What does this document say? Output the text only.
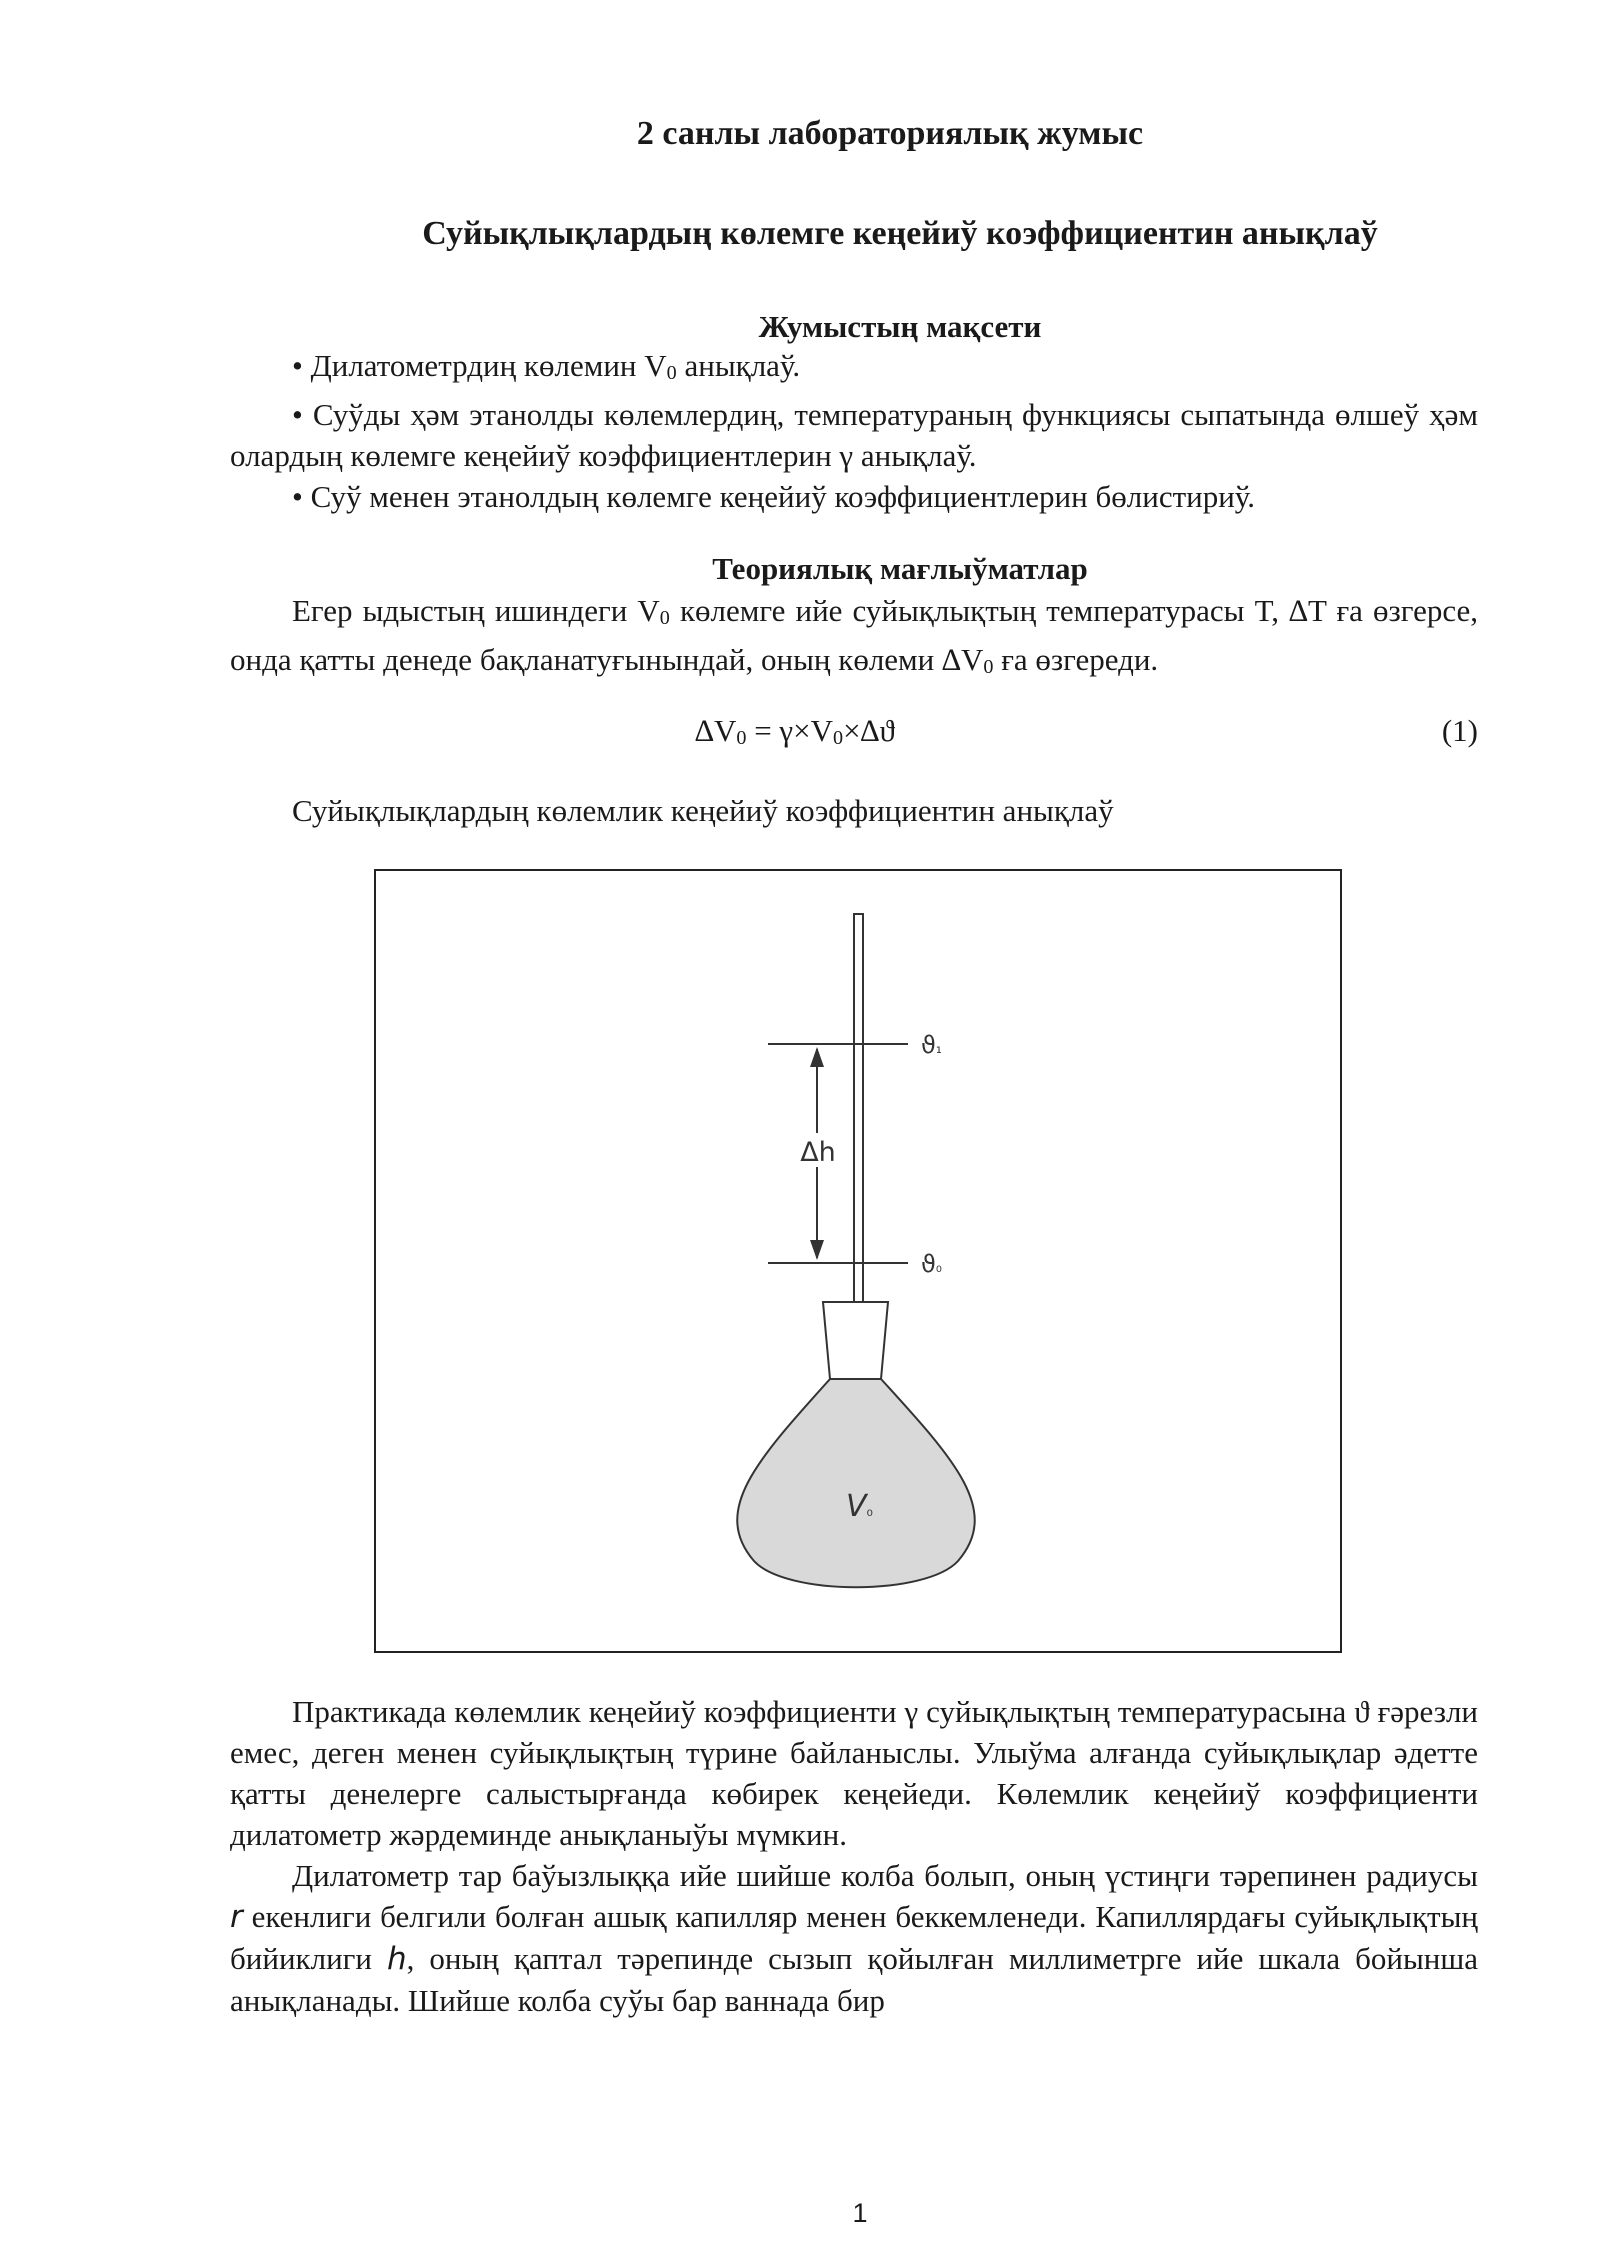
2 санлы лабораториялық жумыс

Суйықлықлардың көлемге кеңейиў коэффициентин анықлаў

Жумыстың мақсети

• Дилатометрдиң көлемин $V_0$ анықлаў.
• Суўды ҳәм этанолды көлемлердиң, температураның функциясы сыпатында өлшеў ҳәм олардың көлемге кеңейиў коэффициентлерин γ анықлаў.
• Суў менен этанолдың көлемге кеңейиў коэффициентлерин бөлистириў.

Теориялық мағлыўматлар

Егер ыдыстың ишиндеги $V_0$ көлемге ийе суйықлықтың температурасы T, ∆T ға өзгерсе, онда қатты денеде бақланатуғынындай, оның көлеми $\Delta V_0$ ға өзгереди.
$\Delta V_0 = \gamma\times V_0\times\Delta ϑ$	(1)

Суйықлықлардың көлемлик кеңейиў коэффициентин анықлаў

Δh
ϑ₁
ϑ₀
V₀

Практикада көлемлик кеңейиў коэффициенти γ суйықлықтың температурасына ϑ ғәрезли емес, деген менен суйықлықтың түрине байланыслы. Улыўма алғанда суйықлықлар әдетте қатты денелерге салыстырғанда көбирек кеңейеди. Көлемлик кеңейиў коэффициенти дилатометр жәрдеминде анықланыўы мүмкин.

Дилатометр тар баўызлыққа ийе шийше колба болып, оның үстиңги тәрепинен радиусы r екенлиги белгили болған ашық капилляр менен беккемленеди. Капиллярдағы суйықлықтың бийиклиги h, оның қаптал тәрепинде сызып қойылған миллиметрге ийе шкала бойынша анықланады. Шийше колба суўы бар ваннада бир

1
